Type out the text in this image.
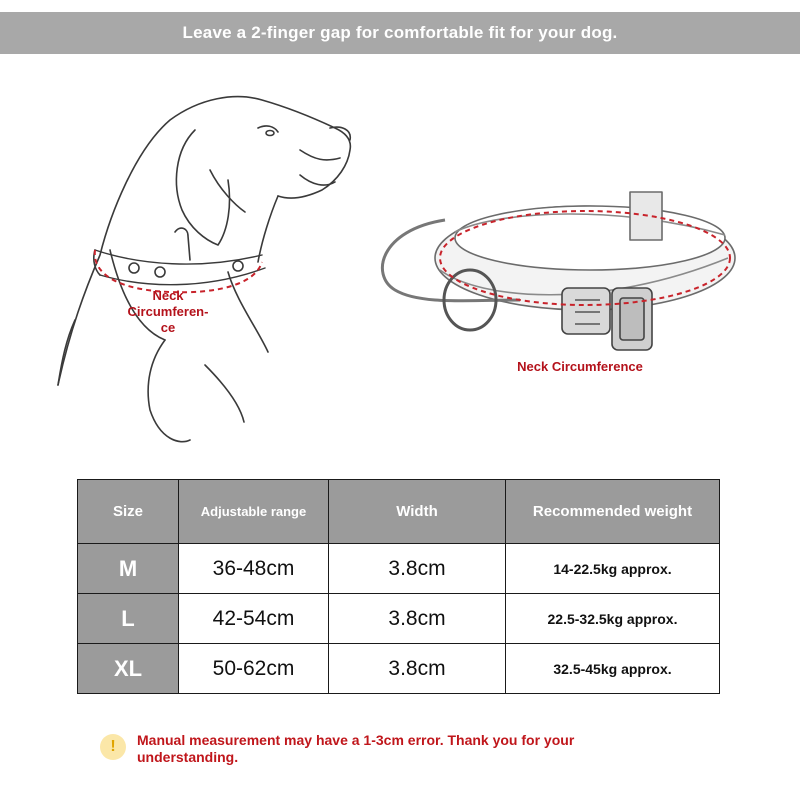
Leave a 2-finger gap for comfortable fit for your dog.
Neck
Circumferen-
ce
Neck Circumference
Size	Adjustable range	Width	Recommended weight
M	36-48cm	3.8cm	14-22.5kg approx.
L	42-54cm	3.8cm	22.5-32.5kg approx.
XL	50-62cm	3.8cm	32.5-45kg approx.
!	Manual measurement may have a 1-3cm error. Thank you for your understanding.
